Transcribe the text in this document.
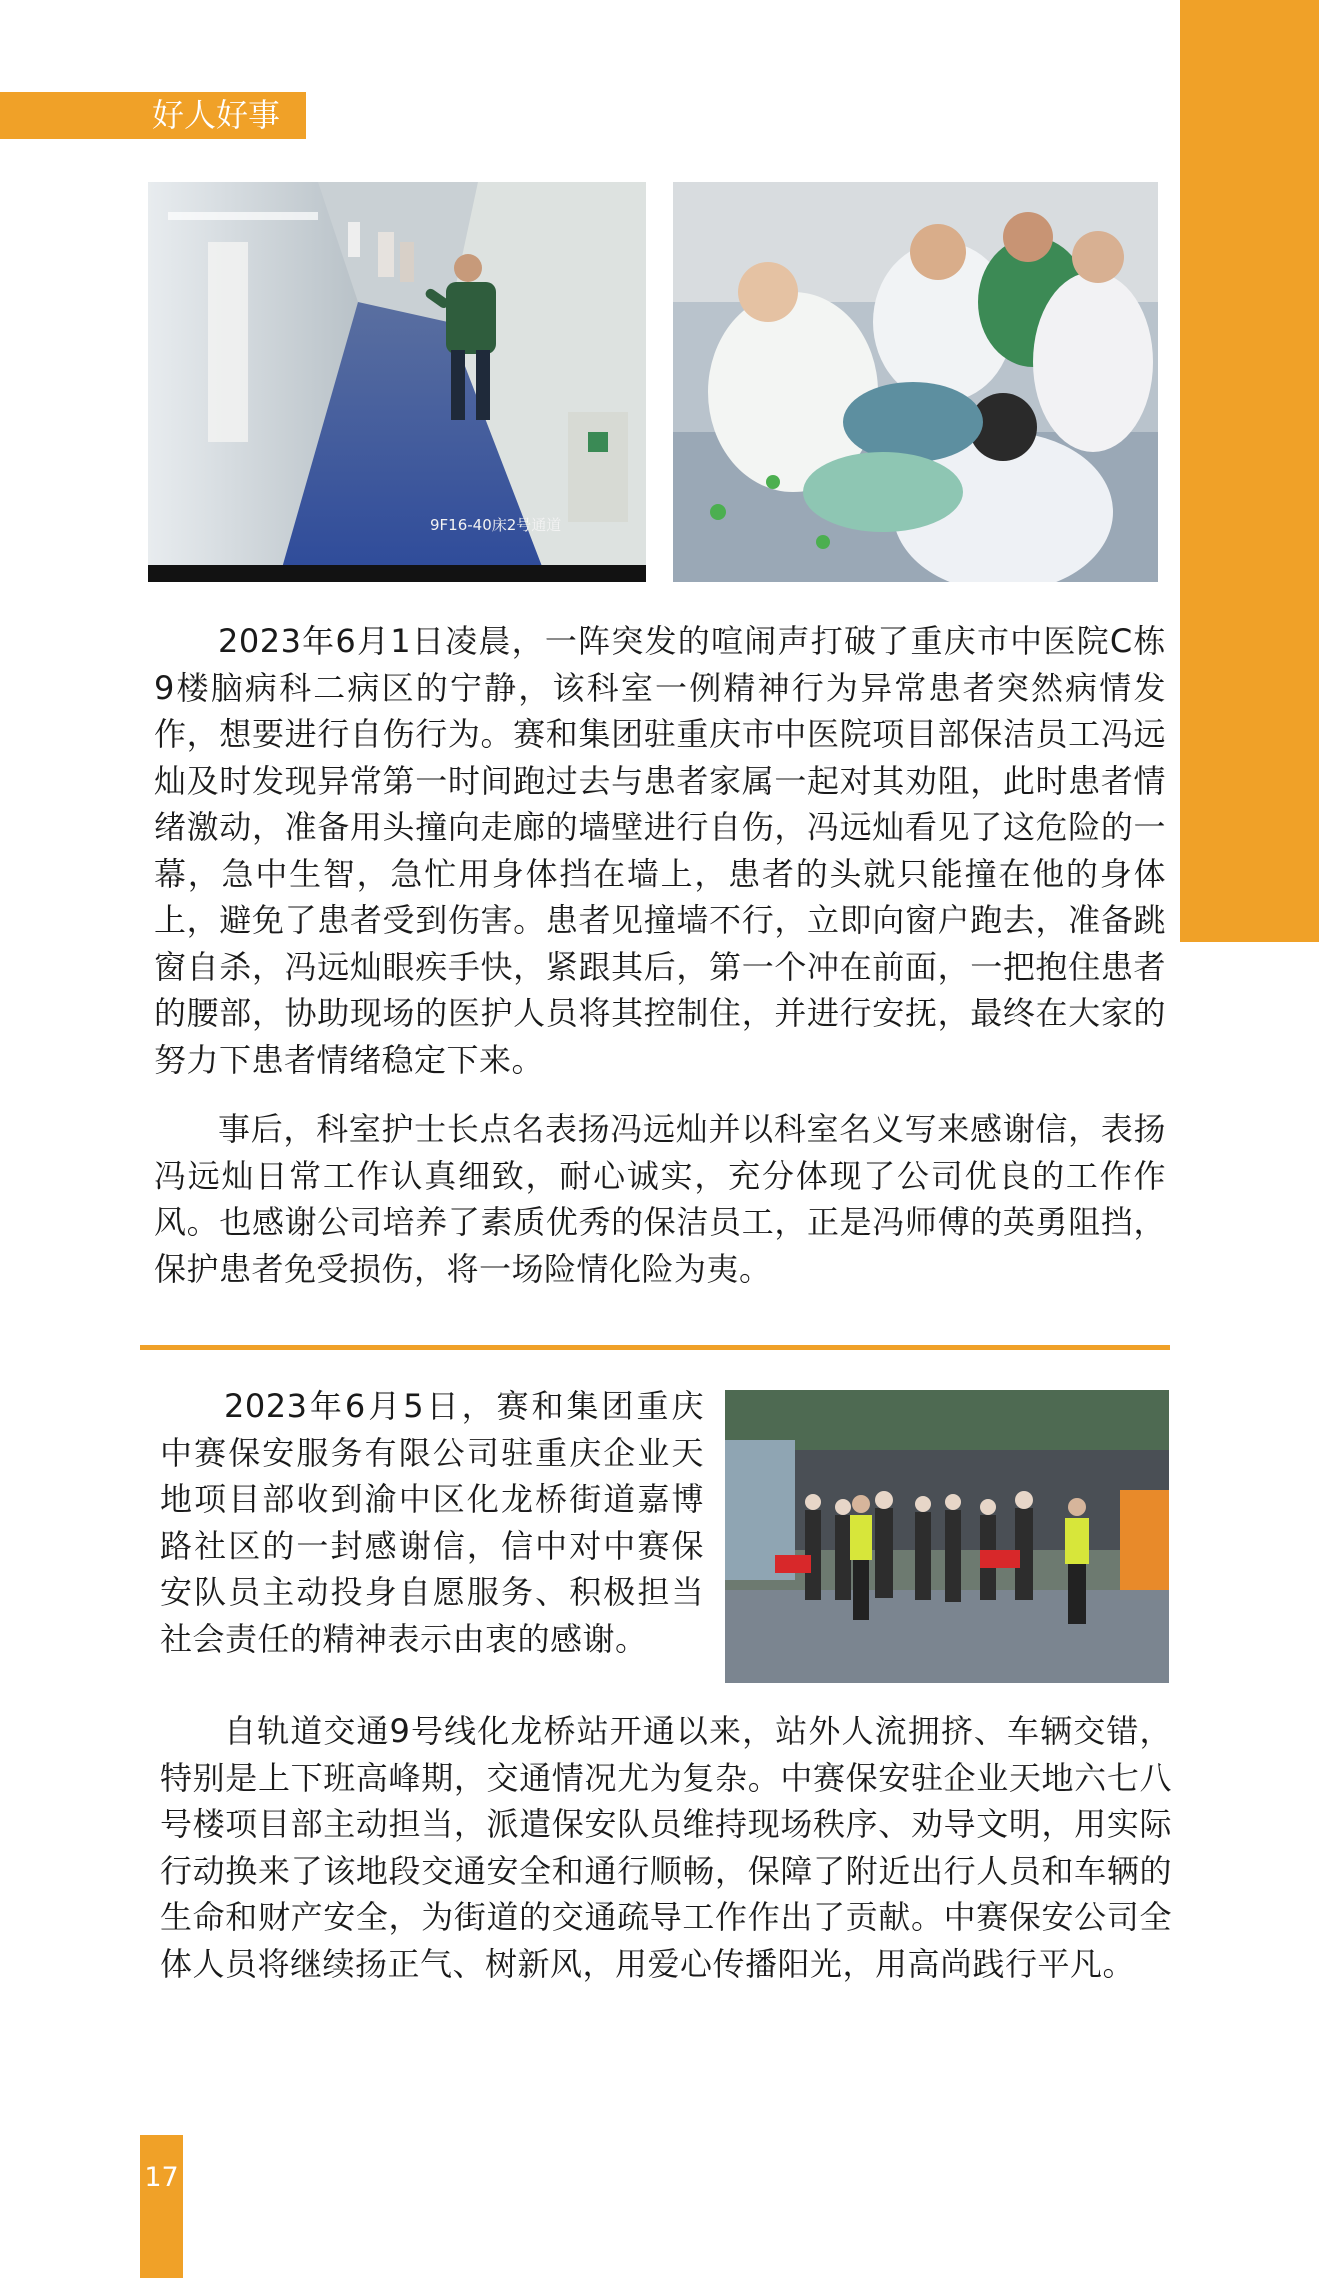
好人好事
9F16-40床2号通道

2023年6月1日凌晨，一阵突发的喧闹声打破了重庆市中医院C栋9楼脑病科二病区的宁静，该科室一例精神行为异常患者突然病情发作，想要进行自伤行为。赛和集团驻重庆市中医院项目部保洁员工冯远灿及时发现异常第一时间跑过去与患者家属一起对其劝阻，此时患者情绪激动，准备用头撞向走廊的墙壁进行自伤，冯远灿看见了这危险的一幕，急中生智，急忙用身体挡在墙上，患者的头就只能撞在他的身体上，避免了患者受到伤害。患者见撞墙不行，立即向窗户跑去，准备跳窗自杀，冯远灿眼疾手快，紧跟其后，第一个冲在前面，一把抱住患者的腰部，协助现场的医护人员将其控制住，并进行安抚，最终在大家的努力下患者情绪稳定下来。

事后，科室护士长点名表扬冯远灿并以科室名义写来感谢信，表扬冯远灿日常工作认真细致，耐心诚实，充分体现了公司优良的工作作风。也感谢公司培养了素质优秀的保洁员工，正是冯师傅的英勇阻挡，保护患者免受损伤，将一场险情化险为夷。

2023年6月5日，赛和集团重庆中赛保安服务有限公司驻重庆企业天地项目部收到渝中区化龙桥街道嘉博路社区的一封感谢信，信中对中赛保安队员主动投身自愿服务、积极担当社会责任的精神表示由衷的感谢。

自轨道交通9号线化龙桥站开通以来，站外人流拥挤、车辆交错，特别是上下班高峰期，交通情况尤为复杂。中赛保安驻企业天地六七八号楼项目部主动担当，派遣保安队员维持现场秩序、劝导文明，用实际行动换来了该地段交通安全和通行顺畅，保障了附近出行人员和车辆的生命和财产安全，为街道的交通疏导工作作出了贡献。中赛保安公司全体人员将继续扬正气、树新风，用爱心传播阳光，用高尚践行平凡。

17
